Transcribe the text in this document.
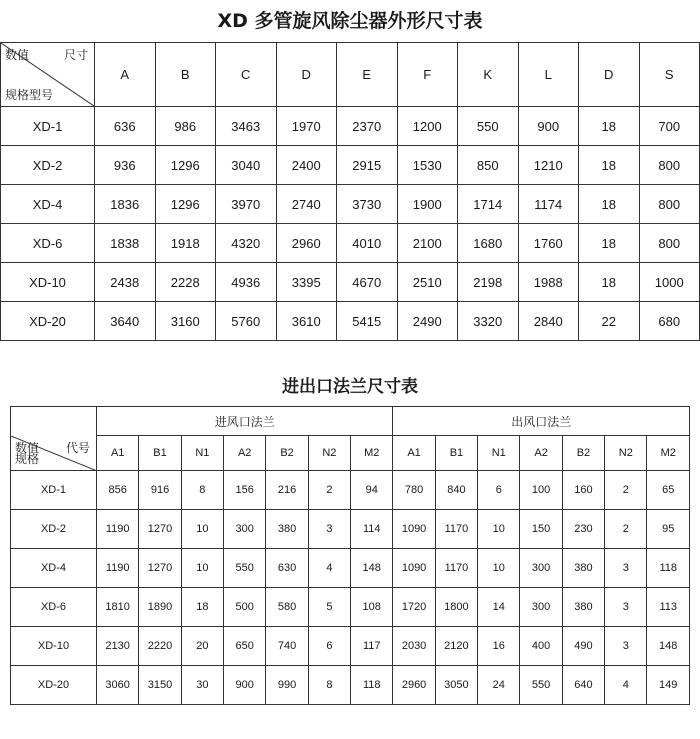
XD 多管旋风除尘器外形尺寸表
数值 尺寸
规格型号	A	B	C	D	E	F	K	L	D	S
XD-1	636	986	3463	1970	2370	1200	550	900	18	700
XD-2	936	1296	3040	2400	2915	1530	850	1210	18	800
XD-4	1836	1296	3970	2740	3730	1900	1714	1174	18	800
XD-6	1838	1918	4320	2960	4010	2100	1680	1760	18	800
XD-10	2438	2228	4936	3395	4670	2510	2198	1988	18	1000
XD-20	3640	3160	5760	3610	5415	2490	3320	2840	22	680
进出口法兰尺寸表
	进风口法兰							出风口法兰						

数值 代号
规格	A1	B1	N1	A2	B2	N2	M2	A1	B1	N1	A2	B2	N2	M2
XD-1	856	916	8	156	216	2	94	780	840	6	100	160	2	65
XD-2	1190	1270	10	300	380	3	114	1090	1170	10	150	230	2	95
XD-4	1190	1270	10	550	630	4	148	1090	1170	10	300	380	3	118
XD-6	1810	1890	18	500	580	5	108	1720	1800	14	300	380	3	113
XD-10	2130	2220	20	650	740	6	117	2030	2120	16	400	490	3	148
XD-20	3060	3150	30	900	990	8	118	2960	3050	24	550	640	4	149
